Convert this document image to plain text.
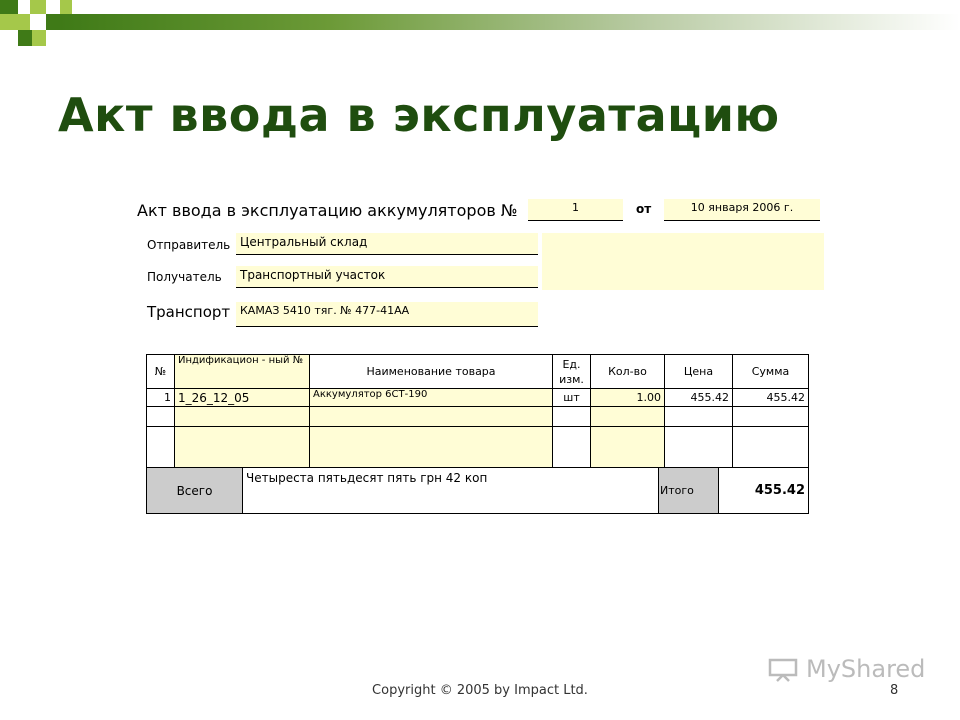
Акт ввода в эксплуатацию
Акт ввода в эксплуатацию аккумуляторов №	1	от	10 января 2006 г.
Отправитель Центральный склад
Получатель	Транспортный участок
Транспорт КАМАЗ 5410 тяг. № 477-41АА
№	Индификацион - ный №	Наименование товара	Ед. изм.	Кол-во	Цена	Сумма
1	1_26_12_05	Аккумулятор 6СТ-190	шт	1.00	455.42	455.42

Всего	Четыреста пятьдесят пять грн 42 коп	Итого	455.42
MyShared
Copyright © 2005 by Impact Ltd.	8
